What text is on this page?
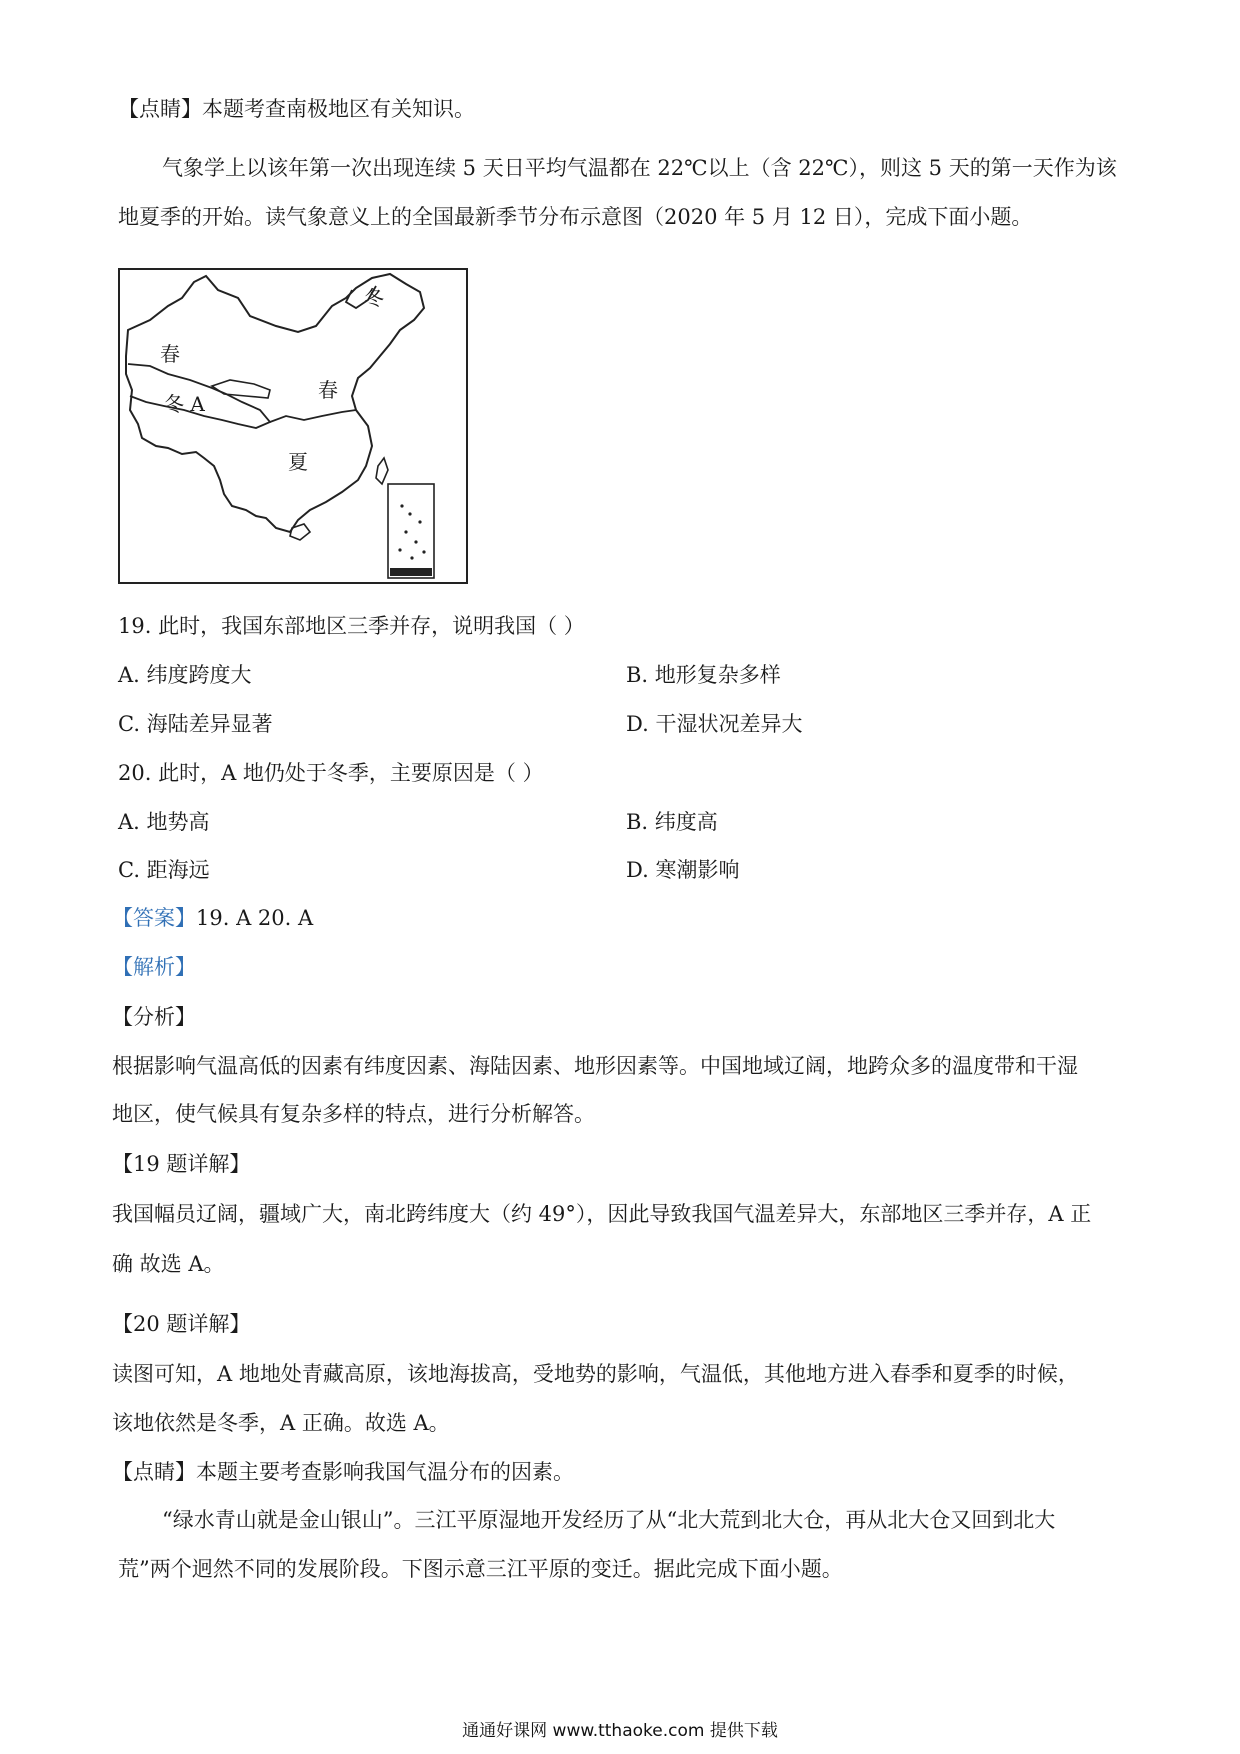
【点睛】本题考查南极地区有关知识。
气象学上以该年第一次出现连续 5 天日平均气温都在 22℃以上（含 22℃），则这 5 天的第一天作为该
地夏季的开始。读气象意义上的全国最新季节分布示意图（2020 年 5 月 12 日），完成下面小题。
春
冬
冬 A
春
夏
19. 此时，我国东部地区三季并存，说明我国（ ）
A. 纬度跨度大	B. 地形复杂多样
C. 海陆差异显著	D. 干湿状况差异大
20. 此时，A 地仍处于冬季，主要原因是（ ）
A. 地势高	B. 纬度高
C. 距海远	D. 寒潮影响
【答案】19. A 20. A
【解析】
【分析】
根据影响气温高低的因素有纬度因素、海陆因素、地形因素等。中国地域辽阔，地跨众多的温度带和干湿
地区，使气候具有复杂多样的特点，进行分析解答。
【19 题详解】
我国幅员辽阔，疆域广大，南北跨纬度大（约 49°），因此导致我国气温差异大，东部地区三季并存，A 正
确 故选 A。
【20 题详解】
读图可知，A 地地处青藏高原，该地海拔高，受地势的影响，气温低，其他地方进入春季和夏季的时候，
该地依然是冬季，A 正确。故选 A。
【点睛】本题主要考查影响我国气温分布的因素。
“绿水青山就是金山银山”。三江平原湿地开发经历了从“北大荒到北大仓，再从北大仓又回到北大
荒”两个迥然不同的发展阶段。下图示意三江平原的变迁。据此完成下面小题。
通通好课网 www.tthaoke.com 提供下载
